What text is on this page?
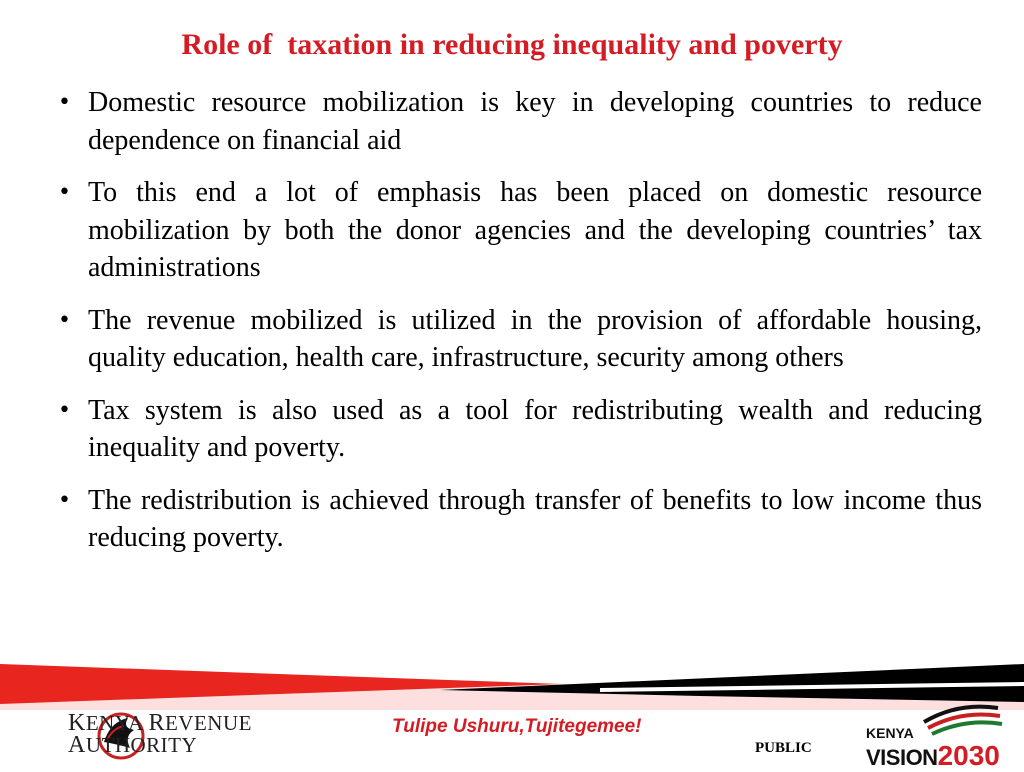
Role of  taxation in reducing inequality and poverty
• Domestic resource mobilization is key in developing countries to reduce dependence on financial aid
• To this end a lot of emphasis has been placed on domestic resource mobilization by both the donor agencies and the developing countries’ tax administrations
• The revenue mobilized is utilized in the provision of affordable housing, quality education, health care, infrastructure, security among others
• Tax system is also used as a tool for redistributing wealth and reducing inequality and poverty.
• The redistribution is achieved through transfer of benefits to low income thus reducing poverty.
KENYA REVENUE
AUTHORITY
Tulipe Ushuru,Tujitegemee!
PUBLIC
KENYA
VISION2030
